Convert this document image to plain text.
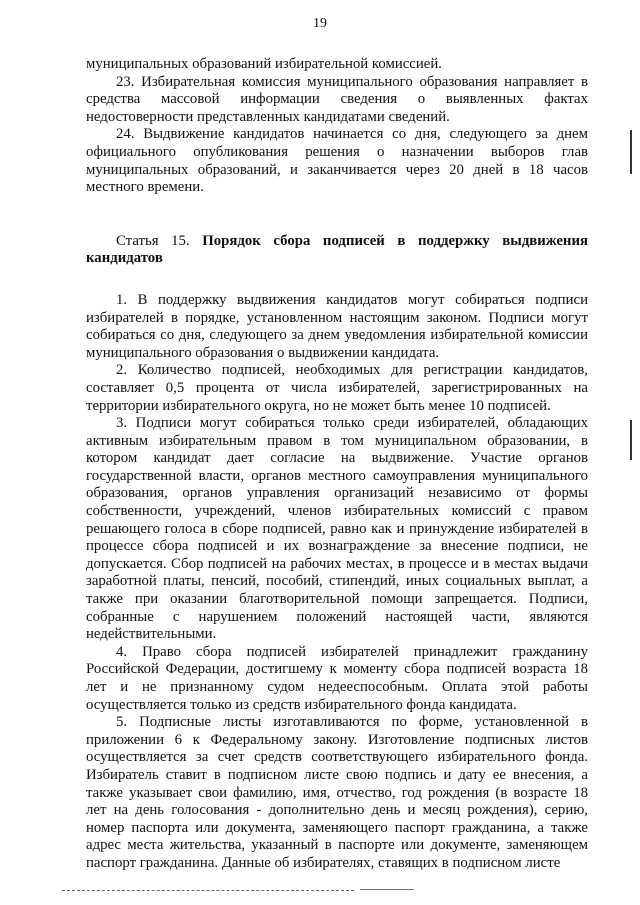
19

муниципальных образований избирательной комиссией.

23. Избирательная комиссия муниципального образования направляет в средства массовой информации сведения о выявленных фактах недостоверности представленных кандидатами сведений.

24. Выдвижение кандидатов начинается со дня, следующего за днем официального опубликования решения о назначении выборов глав муниципальных образований, и заканчивается через 20 дней в 18 часов местного времени.

Статья 15. Порядок сбора подписей в поддержку выдвижения кандидатов

1. В поддержку выдвижения кандидатов могут собираться подписи избирателей в порядке, установленном настоящим законом. Подписи могут собираться со дня, следующего за днем уведомления избирательной комиссии муниципального образования о выдвижении кандидата.

2. Количество подписей, необходимых для регистрации кандидатов, составляет 0,5 процента от числа избирателей, зарегистрированных на территории избирательного округа, но не может быть менее 10 подписей.

3. Подписи могут собираться только среди избирателей, обладающих активным избирательным правом в том муниципальном образовании, в котором кандидат дает согласие на выдвижение. Участие органов государственной власти, органов местного самоуправления муниципального образования, органов управления организаций независимо от формы собственности, учреждений, членов избирательных комиссий с правом решающего голоса в сборе подписей, равно как и принуждение избирателей в процессе сбора подписей и их вознаграждение за внесение подписи, не допускается. Сбор подписей на рабочих местах, в процессе и в местах выдачи заработной платы, пенсий, пособий, стипендий, иных социальных выплат, а также при оказании благотворительной помощи запрещается. Подписи, собранные с нарушением положений настоящей части, являются недействительными.

4. Право сбора подписей избирателей принадлежит гражданину Российской Федерации, достигшему к моменту сбора подписей возраста 18 лет и не признанному судом недееспособным. Оплата этой работы осуществляется только из средств избирательного фонда кандидата.

5. Подписные листы изготавливаются по форме, установленной в приложении 6 к Федеральному закону. Изготовление подписных листов осуществляется за счет средств соответствующего избирательного фонда. Избиратель ставит в подписном листе свою подпись и дату ее внесения, а также указывает свои фамилию, имя, отчество, год рождения (в возрасте 18 лет на день голосования - дополнительно день и месяц рождения), серию, номер паспорта или документа, заменяющего паспорт гражданина, а также адрес места жительства, указанный в паспорте или документе, заменяющем паспорт гражданина. Данные об избирателях, ставящих в подписном листе
